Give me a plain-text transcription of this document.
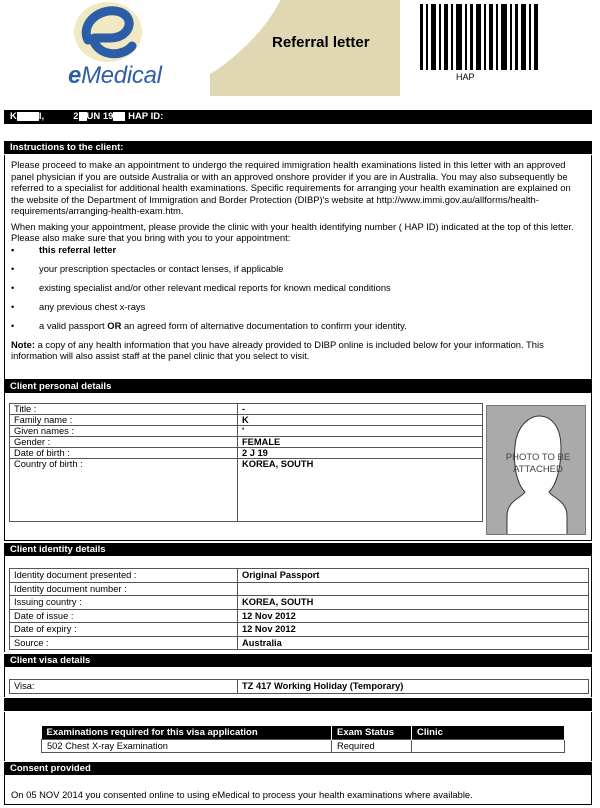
eMedical
Referral letter
HAP
K l,	2 UN 19 HAP ID:
Instructions to the client:

Please proceed to make an appointment to undergo the required immigration health examinations listed in this letter with an approved panel physician if you are outside Australia or with an approved onshore provider if you are in Australia. You may also subsequently be referred to a specialist for additional health examinations. Specific requirements for arranging your health examination are explained on the website of the Department of Immigration and Border Protection (DIBP)'s website at http://www.immi.gov.au/allforms/health-requirements/arranging-health-exam.htm.

When making your appointment, please provide the clinic with your health identifying number ( HAP ID) indicated at the top of this letter. Please also make sure that you bring with you to your appointment:

• this referral letter
• your prescription spectacles or contact lenses, if applicable
• existing specialist and/or other relevant medical reports for known medical conditions
• any previous chest x-rays
• a valid passport OR an agreed form of alternative documentation to confirm your identity.

Note: a copy of any health information that you have already provided to DIBP online is included below for your information. This information will also assist staff at the panel clinic that you select to visit.

Client personal details
Title :	-
Family name :	K
Given names :	'
Gender :	FEMALE
Date of birth :	2 J 19
Country of birth :	KOREA, SOUTH
PHOTO TO BE ATTACHED
Client identity details
Identity document presented :	Original Passport
Identity document number :	
Issuing country :	KOREA, SOUTH
Date of issue :	12 Nov 2012
Date of expiry :	12 Nov 2012
Source :	Australia
Client visa details
Visa:	TZ 417 Working Holiday (Temporary)
Examinations required for this visa application	Exam Status	Clinic
502 Chest X-ray Examination	Required	
Consent provided
On 05 NOV 2014 you consented online to using eMedical to process your health examinations where available.
